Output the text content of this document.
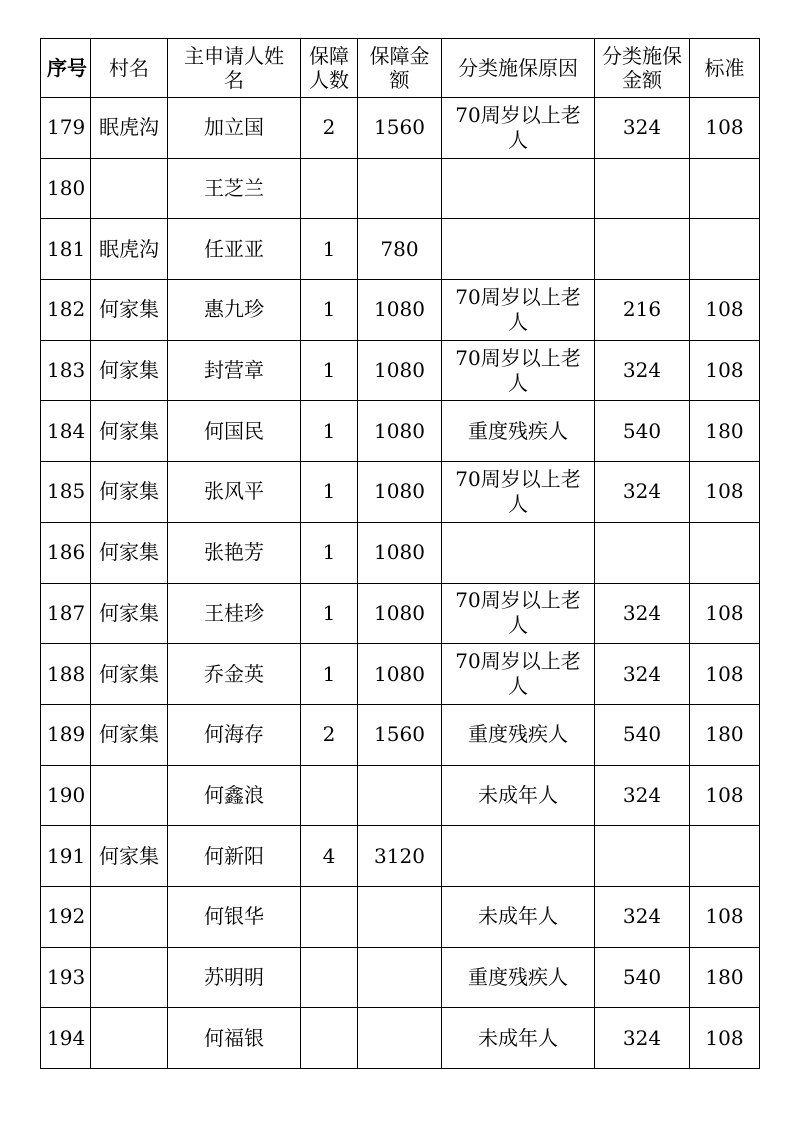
序号	村名	主申请人姓名	保障人数	保障金额	分类施保原因	分类施保金额	标准
179	眠虎沟	加立国	2	1560	70周岁以上老人	324	108
180		王芝兰			

181	眠虎沟	任亚亚	1	780	

182	何家集	惠九珍	1	1080	70周岁以上老人	216	108
183	何家集	封营章	1	1080	70周岁以上老人	324	108
184	何家集	何国民	1	1080	重度残疾人	540	180
185	何家集	张风平	1	1080	70周岁以上老人	324	108
186	何家集	张艳芳	1	1080	

187	何家集	王桂珍	1	1080	70周岁以上老人	324	108
188	何家集	乔金英	1	1080	70周岁以上老人	324	108
189	何家集	何海存	2	1560	重度残疾人	540	180
190		何鑫浪			未成年人	324	108
191	何家集	何新阳	4	3120	

192		何银华			未成年人	324	108
193		苏明明			重度残疾人	540	180
194		何福银			未成年人	324	108
